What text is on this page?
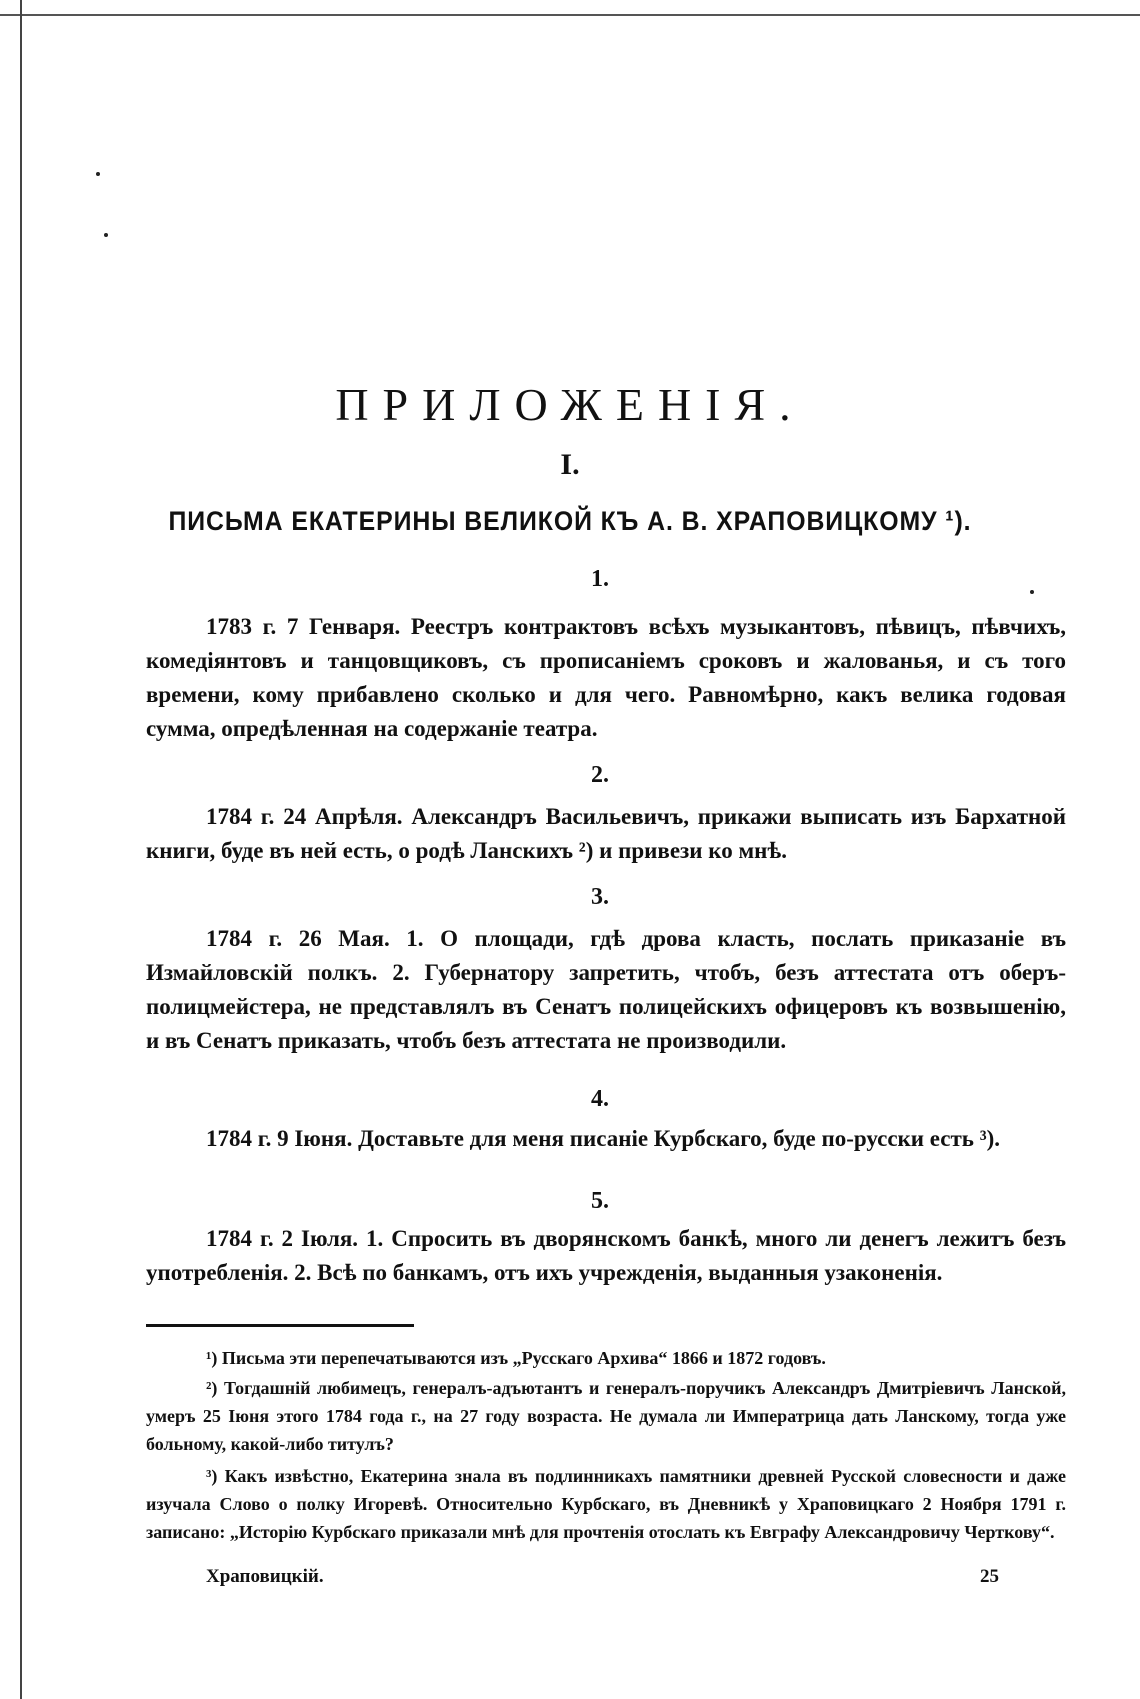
ПРИЛОЖЕНІЯ.
I.
ПИСЬМА ЕКАТЕРИНЫ ВЕЛИКОЙ КЪ А. В. ХРАПОВИЦКОМУ ¹).
1.

1783 г. 7 Генваря. Реестръ контрактовъ всѣхъ музыкантовъ, пѣвицъ, пѣвчихъ, комедіянтовъ и танцовщиковъ, съ прописаніемъ сроковъ и жалованья, и съ того времени, кому прибавлено сколько и для чего. Равномѣрно, какъ велика годовая сумма, опредѣленная на содержаніе театра.

2.

1784 г. 24 Апрѣля. Александръ Васильевичъ, прикажи выписать изъ Бархатной книги, буде въ ней есть, о родѣ Ланскихъ ²) и привези ко мнѣ.

3.

1784 г. 26 Мая. 1. О площади, гдѣ дрова класть, послать приказаніе въ Измайловскій полкъ. 2. Губернатору запретить, чтобъ, безъ аттестата отъ оберъ-полицмейстера, не представлялъ въ Сенатъ полицейскихъ офицеровъ къ возвышенію, и въ Сенатъ приказать, чтобъ безъ аттестата не производили.

4.

1784 г. 9 Іюня. Доставьте для меня писаніе Курбскаго, буде по-русски есть ³).

5.

1784 г. 2 Іюля. 1. Спросить въ дворянскомъ банкѣ, много ли денегъ лежитъ безъ употребленія. 2. Всѣ по банкамъ, отъ ихъ учрежденія, выданныя узаконенія.

¹) Письма эти перепечатываются изъ „Русскаго Архива“ 1866 и 1872 годовъ.

²) Тогдашній любимецъ, генералъ-адъютантъ и генералъ-поручикъ Александръ Дмитріевичъ Ланской, умеръ 25 Іюня этого 1784 года г., на 27 году возраста. Не думала ли Императрица дать Ланскому, тогда уже больному, какой-либо титулъ?

³) Какъ извѣстно, Екатерина знала въ подлинникахъ памятники древней Русской словесности и даже изучала Слово о полку Игоревѣ. Относительно Курбскаго, въ Дневникѣ у Храповицкаго 2 Ноября 1791 г. записано: „Исторію Курбскаго приказали мнѣ для прочтенія отослать къ Евграфу Александровичу Черткову“.

Храповицкій.	25
